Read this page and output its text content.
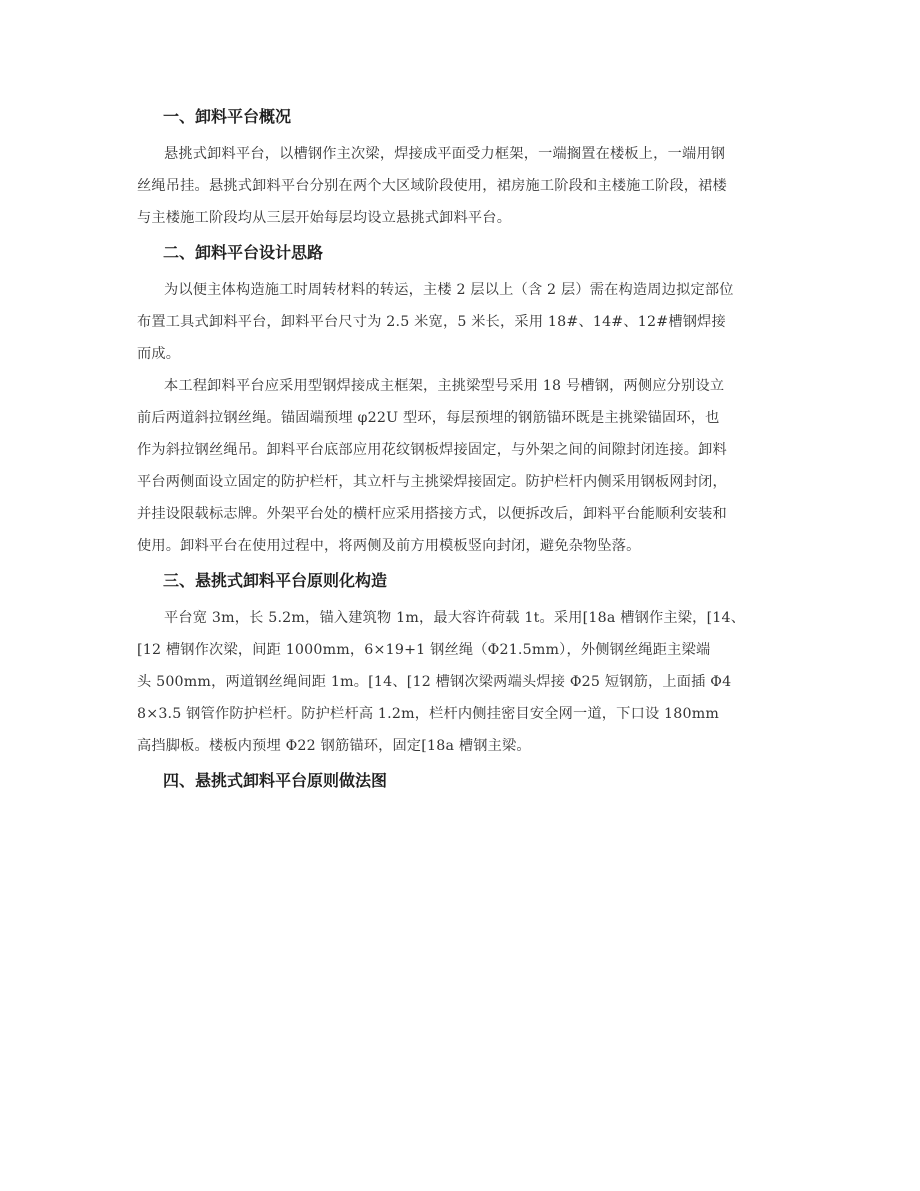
一、卸料平台概况

悬挑式卸料平台，以槽钢作主次梁，焊接成平面受力框架，一端搁置在楼板上，一端用钢
丝绳吊挂。悬挑式卸料平台分别在两个大区域阶段使用，裙房施工阶段和主楼施工阶段，裙楼
与主楼施工阶段均从三层开始每层均设立悬挑式卸料平台。

二、卸料平台设计思路

为以便主体构造施工时周转材料的转运，主楼 2 层以上（含 2 层）需在构造周边拟定部位
布置工具式卸料平台，卸料平台尺寸为 2.5 米宽，5 米长，采用 18#、14#、12#槽钢焊接
而成。

本工程卸料平台应采用型钢焊接成主框架，主挑梁型号采用 18 号槽钢，两侧应分别设立
前后两道斜拉钢丝绳。锚固端预埋 φ22U 型环，每层预埋的钢筋锚环既是主挑梁锚固环，也
作为斜拉钢丝绳吊。卸料平台底部应用花纹钢板焊接固定，与外架之间的间隙封闭连接。卸料
平台两侧面设立固定的防护栏杆，其立杆与主挑梁焊接固定。防护栏杆内侧采用钢板网封闭，
并挂设限载标志牌。外架平台处的横杆应采用搭接方式，以便拆改后，卸料平台能顺利安装和
使用。卸料平台在使用过程中，将两侧及前方用模板竖向封闭，避免杂物坠落。

三、悬挑式卸料平台原则化构造

平台宽 3m，长 5.2m，锚入建筑物 1m，最大容许荷载 1t。采用[18a 槽钢作主梁，[14、
[12 槽钢作次梁，间距 1000mm，6×19+1 钢丝绳（Φ21.5mm），外侧钢丝绳距主梁端
头 500mm，两道钢丝绳间距 1m。[14、[12 槽钢次梁两端头焊接 Φ25 短钢筋，上面插 Φ4
8×3.5 钢管作防护栏杆。防护栏杆高 1.2m，栏杆内侧挂密目安全网一道，下口设 180mm
高挡脚板。楼板内预埋 Φ22 钢筋锚环，固定[18a 槽钢主梁。

四、悬挑式卸料平台原则做法图
